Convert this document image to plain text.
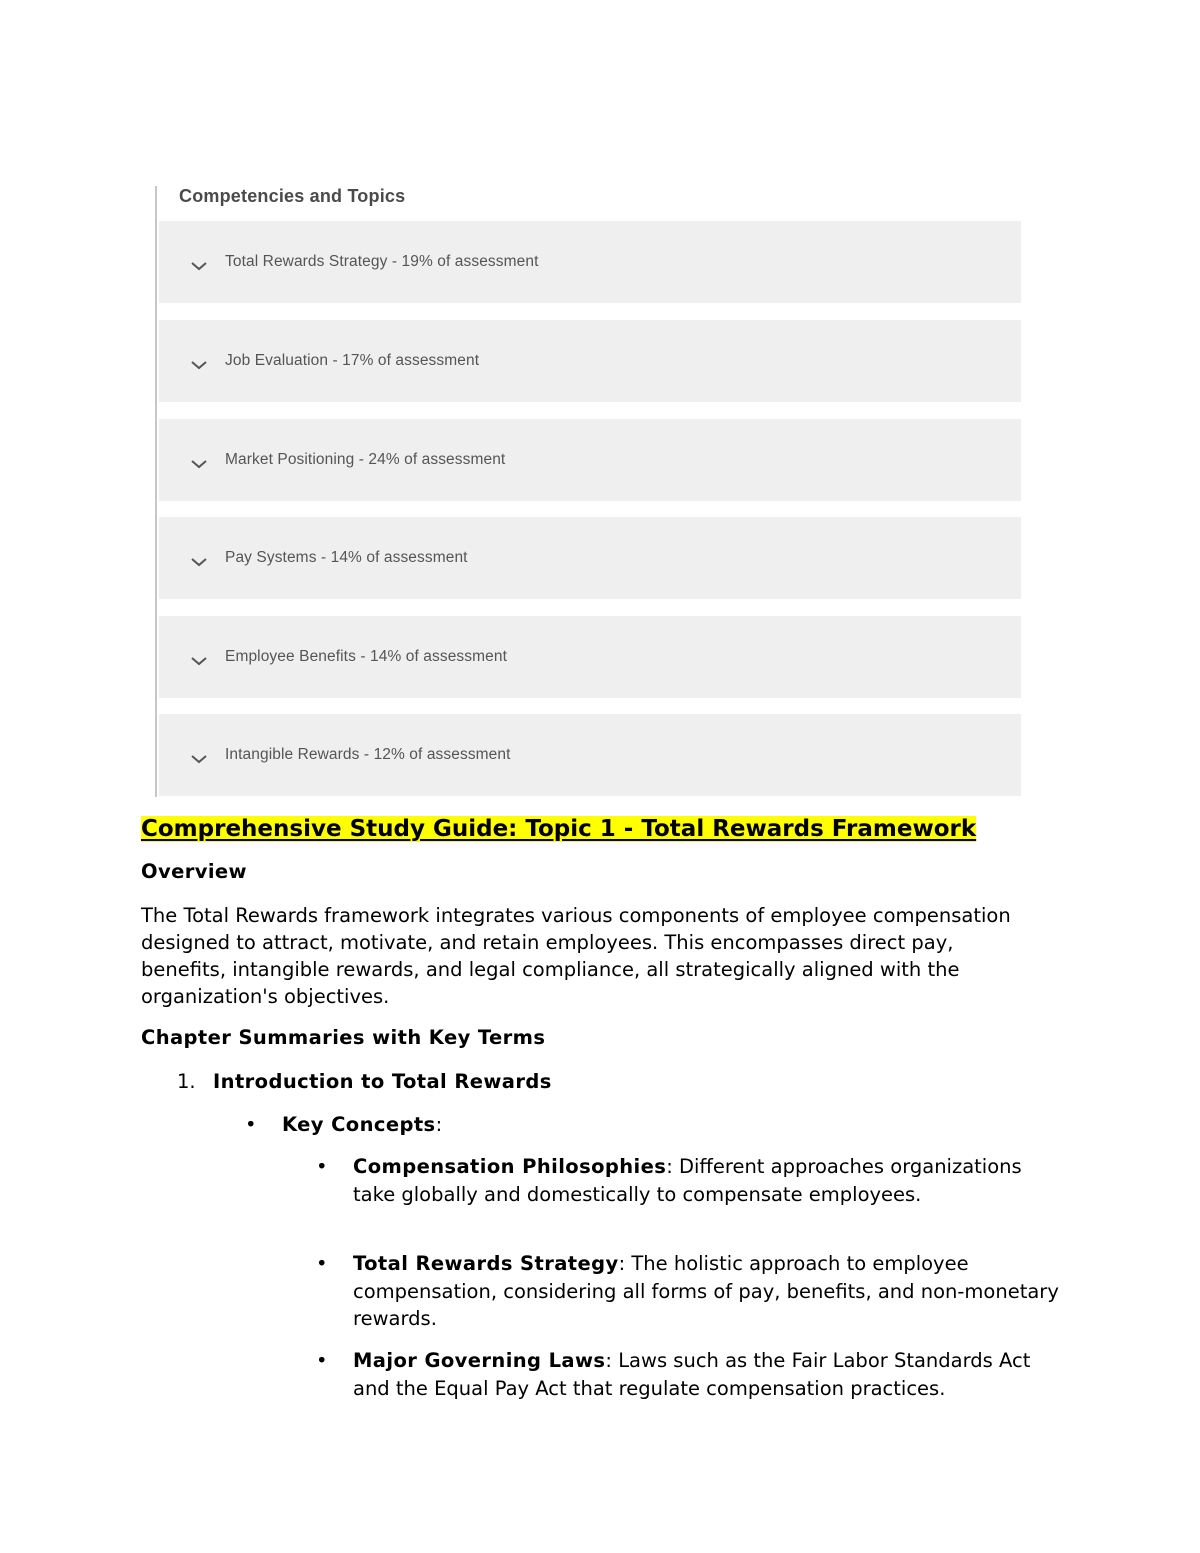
Competencies and Topics
Total Rewards Strategy - 19% of assessment
Job Evaluation - 17% of assessment
Market Positioning - 24% of assessment
Pay Systems - 14% of assessment
Employee Benefits - 14% of assessment
Intangible Rewards - 12% of assessment
Comprehensive Study Guide: Topic 1 - Total Rewards Framework
Overview

The Total Rewards framework integrates various components of employee compensation designed to attract, motivate, and retain employees. This encompasses direct pay, benefits, intangible rewards, and legal compliance, all strategically aligned with the organization's objectives.

Chapter Summaries with Key Terms
1. Introduction to Total Rewards
• Key Concepts:
• Compensation Philosophies: Different approaches organizations take globally and domestically to compensate employees.

• Total Rewards Strategy: The holistic approach to employee compensation, considering all forms of pay, benefits, and non-monetary rewards.

• Major Governing Laws: Laws such as the Fair Labor Standards Act and the Equal Pay Act that regulate compensation practices.
